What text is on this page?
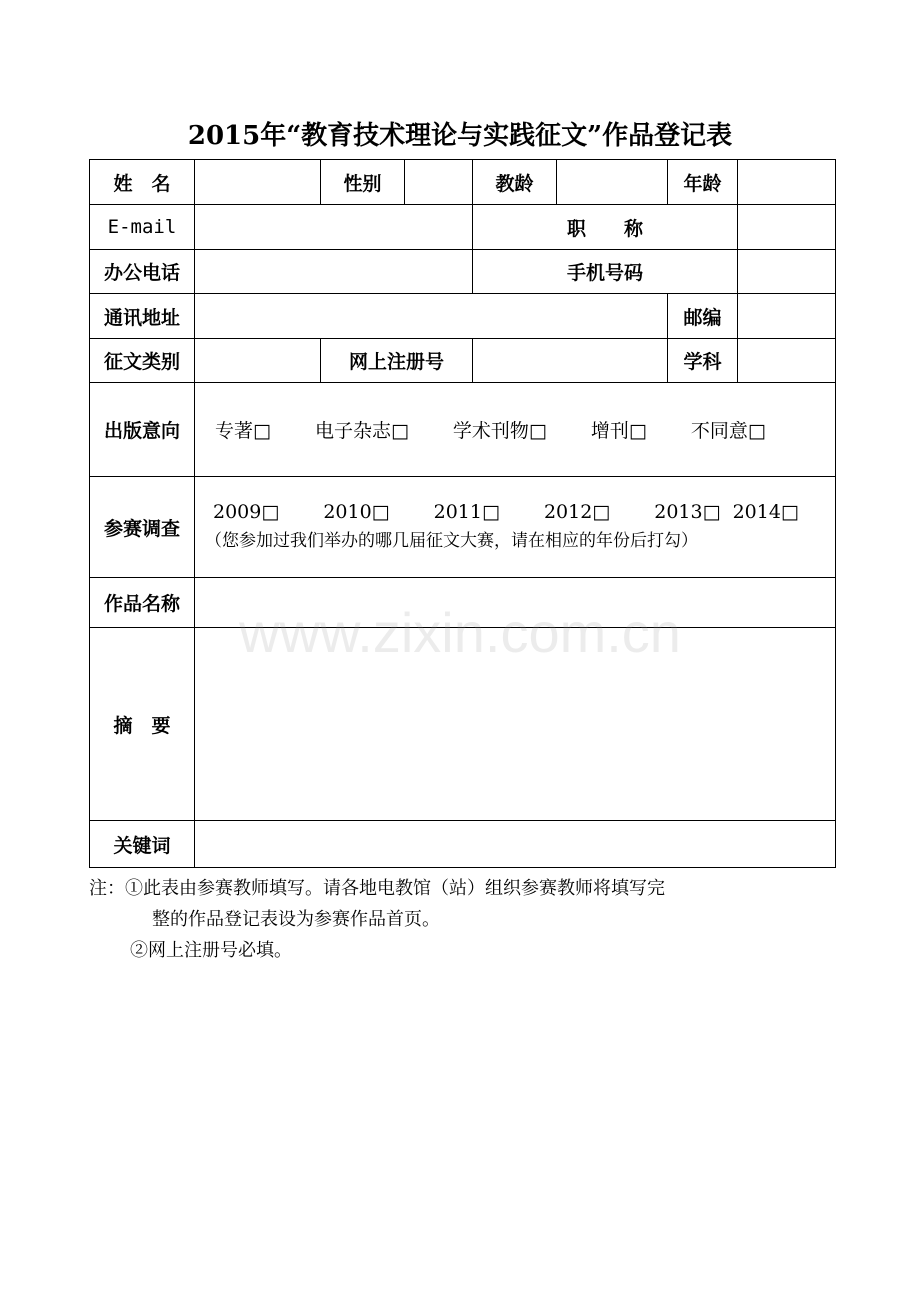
2015年“教育技术理论与实践征文”作品登记表
姓　名		性别		教龄		年龄	
E-mail				职　　称			
办公电话				手机号码			
通讯地址						邮编	
征文类别		网上注册号				学科	
出版意向	专著□ 电子杂志□ 学术刊物□ 增刊□ 不同意□						
参赛调查	2009□ 2010□ 2011□ 2012□ 2013□ 2014□
（您参加过我们举办的哪几届征文大赛，请在相应的年份后打勾）						

作品名称							
摘　要							
关键词							
注：①此表由参赛教师填写。请各地电教馆（站）组织参赛教师将填写完
整的作品登记表设为参赛作品首页。
②网上注册号必填。
www.zixin.com.cn
